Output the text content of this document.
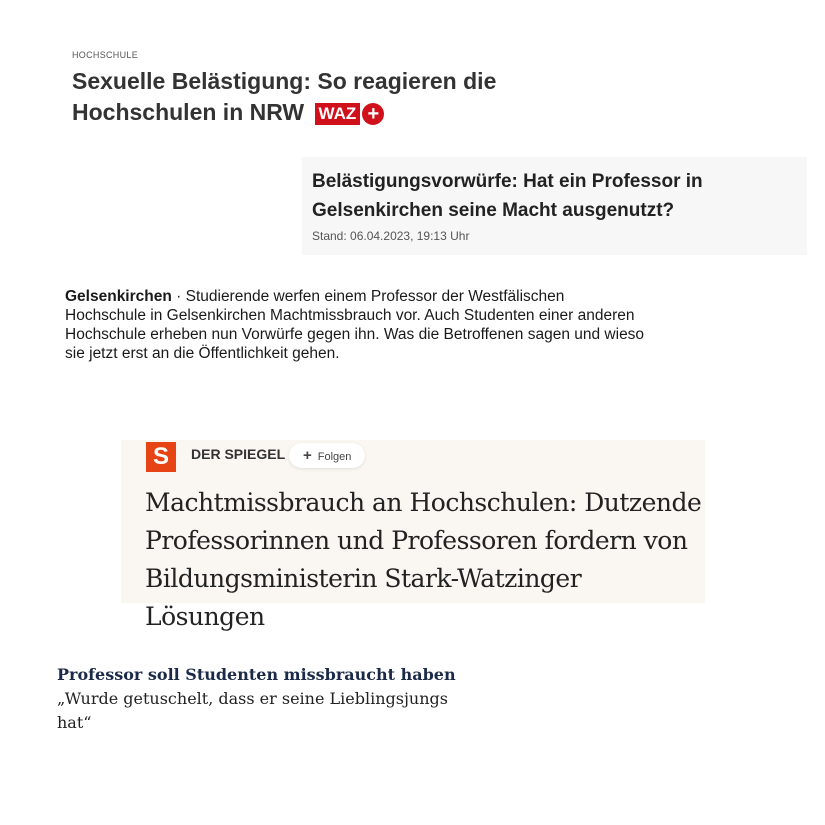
HOCHSCHULE
Sexuelle Belästigung: So reagieren die Hochschulen in NRW WAZ +
Belästigungsvorwürfe: Hat ein Professor in Gelsenkirchen seine Macht ausgenutzt?
Stand: 06.04.2023, 19:13 Uhr
Gelsenkirchen · Studierende werfen einem Professor der Westfälischen Hochschule in Gelsenkirchen Machtmissbrauch vor. Auch Studenten einer anderen Hochschule erheben nun Vorwürfe gegen ihn. Was die Betroffenen sagen und wieso sie jetzt erst an die Öffentlichkeit gehen.
S	DER SPIEGEL	+ Folgen
Machtmissbrauch an Hochschulen: Dutzende Professorinnen und Professoren fordern von Bildungsministerin Stark-Watzinger Lösungen
Professor soll Studenten missbraucht haben „Wurde getuschelt, dass er seine Lieblingsjungs hat“
